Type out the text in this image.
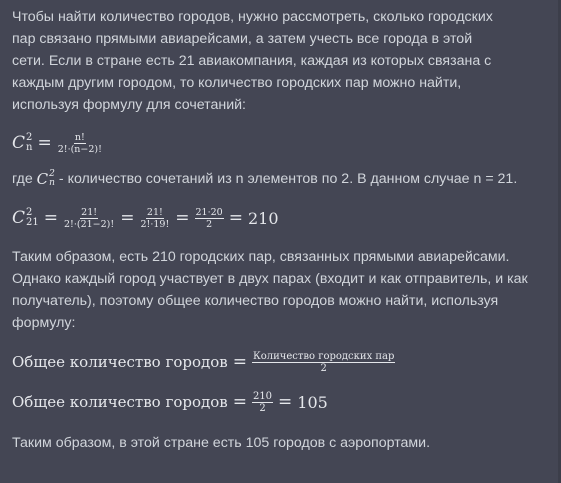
Чтобы найти количество городов, нужно рассмотреть, сколько городских пар связано прямыми авиарейсами, а затем учесть все города в этой сети. Если в стране есть 21 авиакомпания, каждая из которых связана с каждым другим городом, то количество городских пар можно найти, используя формулу для сочетаний:

C 2
$n = \frac{n!}{2!\cdot(n-2)!}$

где C 2
n - количество сочетаний из n элементов по 2. В данном случае n = 21.

C 2
$21 = \frac{21!}{2!\cdot(21-2)!} = \frac{21!}{2!\cdot 19!} = \frac{21\cdot 20}{2} = 210$

Таким образом, есть 210 городских пар, связанных прямыми авиарейсами. Однако каждый город участвует в двух парах (входит и как отправитель, и как получатель), поэтому общее количество городов можно найти, используя формулу:

Общее количество городов = $\frac{\text{Количество городских пар}}{2}$
Общее количество городов = $\frac{210}{2} = 105$

Таким образом, в этой стране есть 105 городов с аэропортами.
